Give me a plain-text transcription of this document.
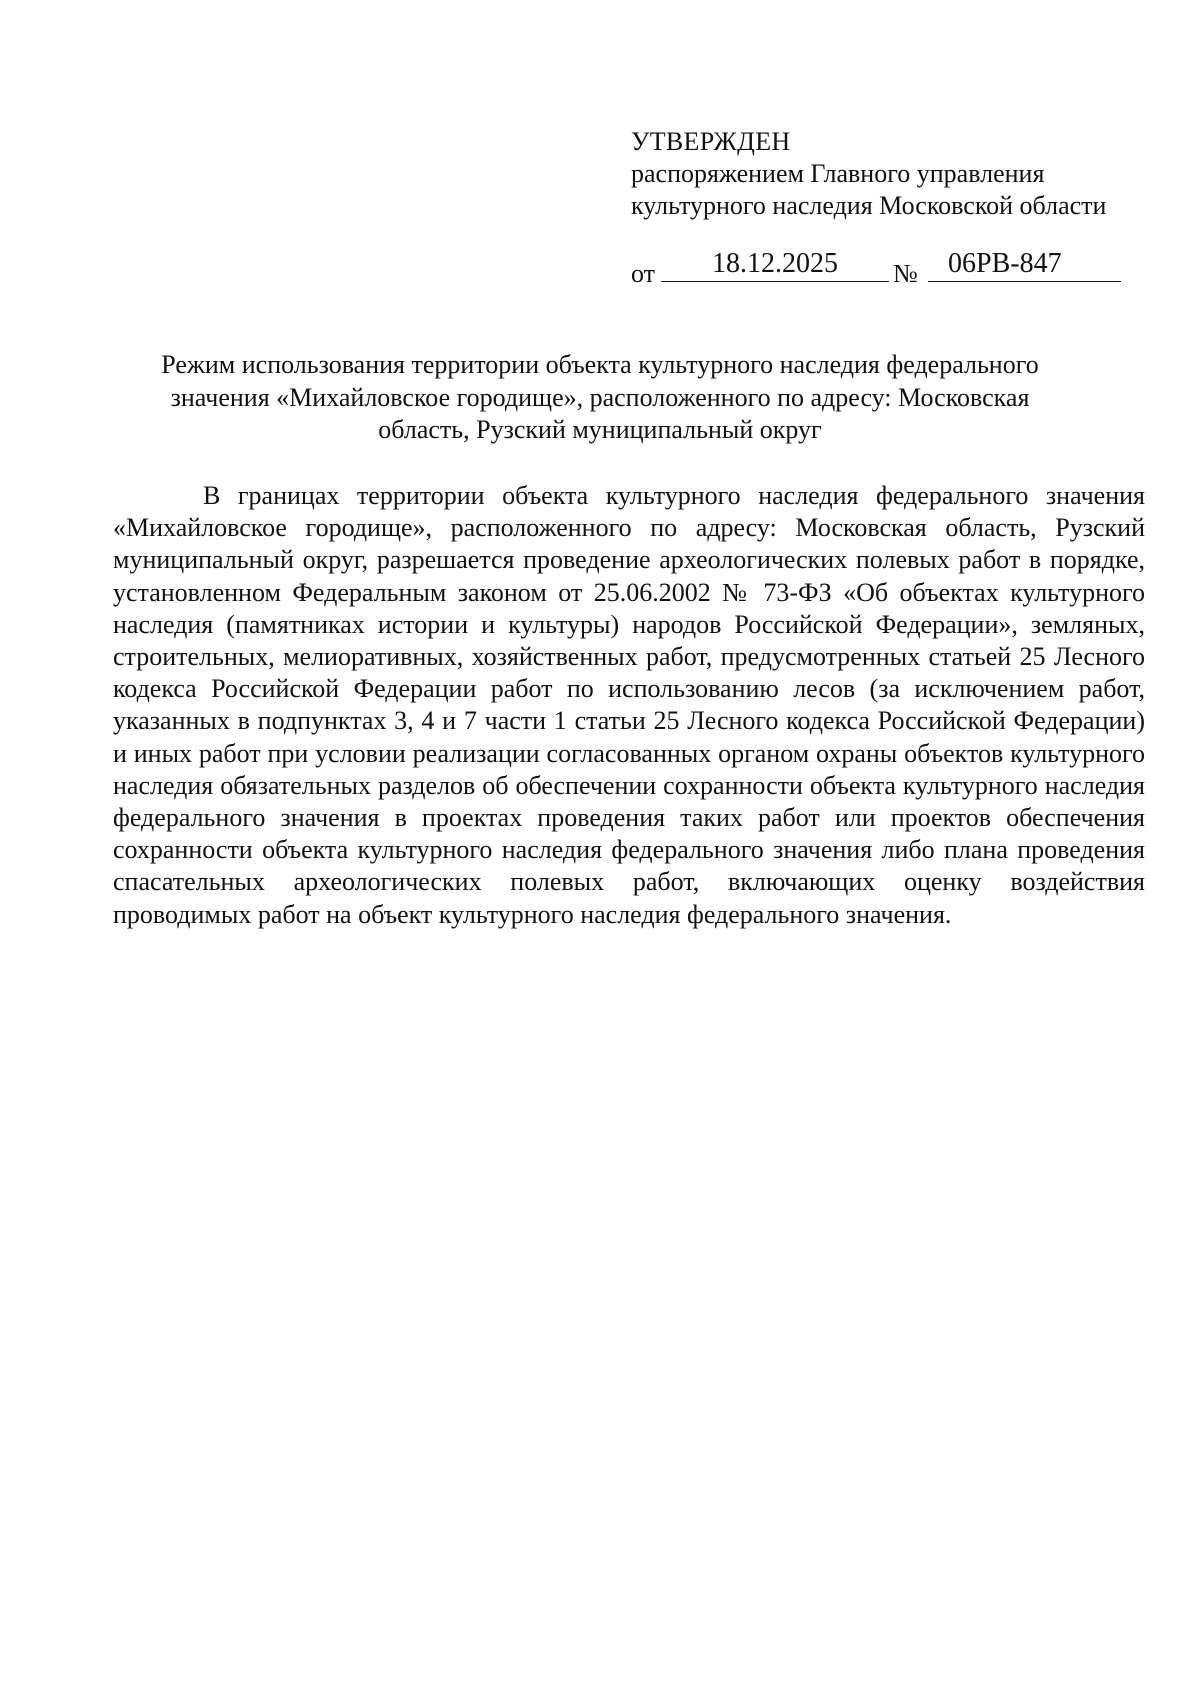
УТВЕРЖДЕН
распоряжением Главного управления
культурного наследия Московской области
от	18.12.2025	№ 06РВ-847
Режим использования территории объекта культурного наследия федерального
значения «Михайловское городище», расположенного по адресу: Московская
область, Рузский муниципальный округ

В границах территории объекта культурного наследия федерального значения «Михайловское городище», расположенного по адресу: Московская область, Рузский муниципальный округ, разрешается проведение археологических полевых работ в порядке, установленном Федеральным законом от 25.06.2002 № 73-ФЗ «Об объектах культурного наследия (памятниках истории и культуры) народов Российской Федерации», земляных, строительных, мелиоративных, хозяйственных работ, предусмотренных статьей 25 Лесного кодекса Российской Федерации работ по использованию лесов (за исключением работ, указанных в подпунктах 3, 4 и 7 части 1 статьи 25 Лесного кодекса Российской Федерации) и иных работ при условии реализации согласованных органом охраны объектов культурного наследия обязательных разделов об обеспечении сохранности объекта культурного наследия федерального значения в проектах проведения таких работ или проектов обеспечения сохранности объекта культурного наследия федерального значения либо плана проведения спасательных археологических полевых работ, включающих оценку воздействия проводимых работ на объект культурного наследия федерального значения.
